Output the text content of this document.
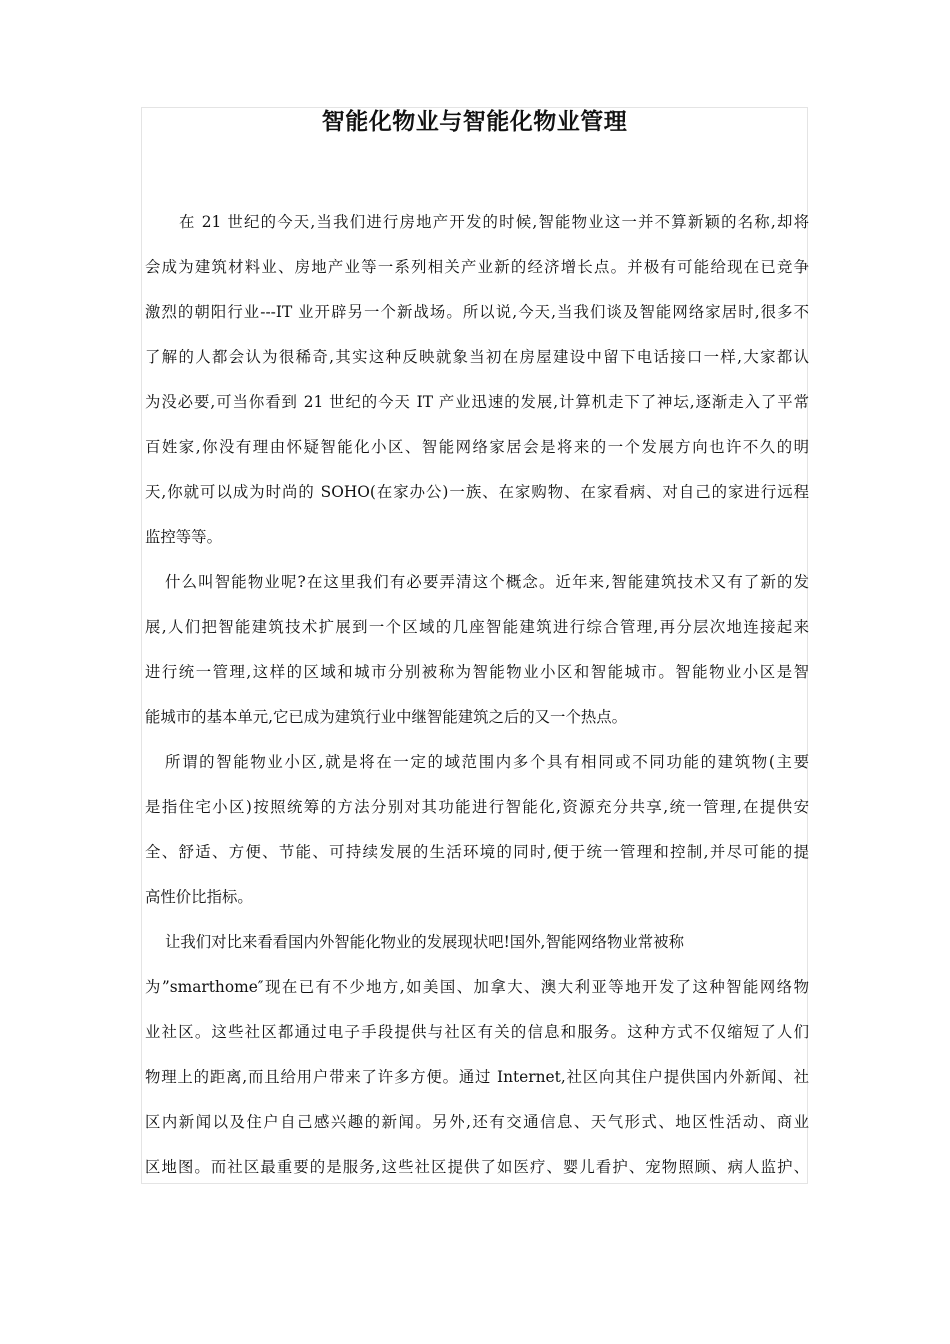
智能化物业与智能化物业管理
在 21 世纪的今天,当我们进行房地产开发的时候,智能物业这一并不算新颖的名称,却将
会成为建筑材料业、房地产业等一系列相关产业新的经济增长点。并极有可能给现在已竞争
激烈的朝阳行业---IT 业开辟另一个新战场。所以说,今天,当我们谈及智能网络家居时,很多不
了解的人都会认为很稀奇,其实这种反映就象当初在房屋建设中留下电话接口一样,大家都认
为没必要,可当你看到 21 世纪的今天 IT 产业迅速的发展,计算机走下了神坛,逐渐走入了平常
百姓家,你没有理由怀疑智能化小区、智能网络家居会是将来的一个发展方向也许不久的明
天,你就可以成为时尚的 SOHO(在家办公)一族、在家购物、在家看病、对自己的家进行远程
监控等等。
什么叫智能物业呢?在这里我们有必要弄清这个概念。近年来,智能建筑技术又有了新的发
展,人们把智能建筑技术扩展到一个区域的几座智能建筑进行综合管理,再分层次地连接起来
进行统一管理,这样的区域和城市分别被称为智能物业小区和智能城市。智能物业小区是智
能城市的基本单元,它已成为建筑行业中继智能建筑之后的又一个热点。
所谓的智能物业小区,就是将在一定的域范围内多个具有相同或不同功能的建筑物(主要
是指住宅小区)按照统筹的方法分别对其功能进行智能化,资源充分共享,统一管理,在提供安
全、舒适、方便、节能、可持续发展的生活环境的同时,便于统一管理和控制,并尽可能的提
高性价比指标。
让我们对比来看看国内外智能化物业的发展现状吧!国外,智能网络物业常被称
为”smarthome″现在已有不少地方,如美国、加拿大、澳大利亚等地开发了这种智能网络物
业社区。这些社区都通过电子手段提供与社区有关的信息和服务。这种方式不仅缩短了人们
物理上的距离,而且给用户带来了许多方便。通过 Internet,社区向其住户提供国内外新闻、社
区内新闻以及住户自己感兴趣的新闻。另外,还有交通信息、天气形式、地区性活动、商业
区地图。而社区最重要的是服务,这些社区提供了如医疗、婴儿看护、宠物照顾、病人监护、
